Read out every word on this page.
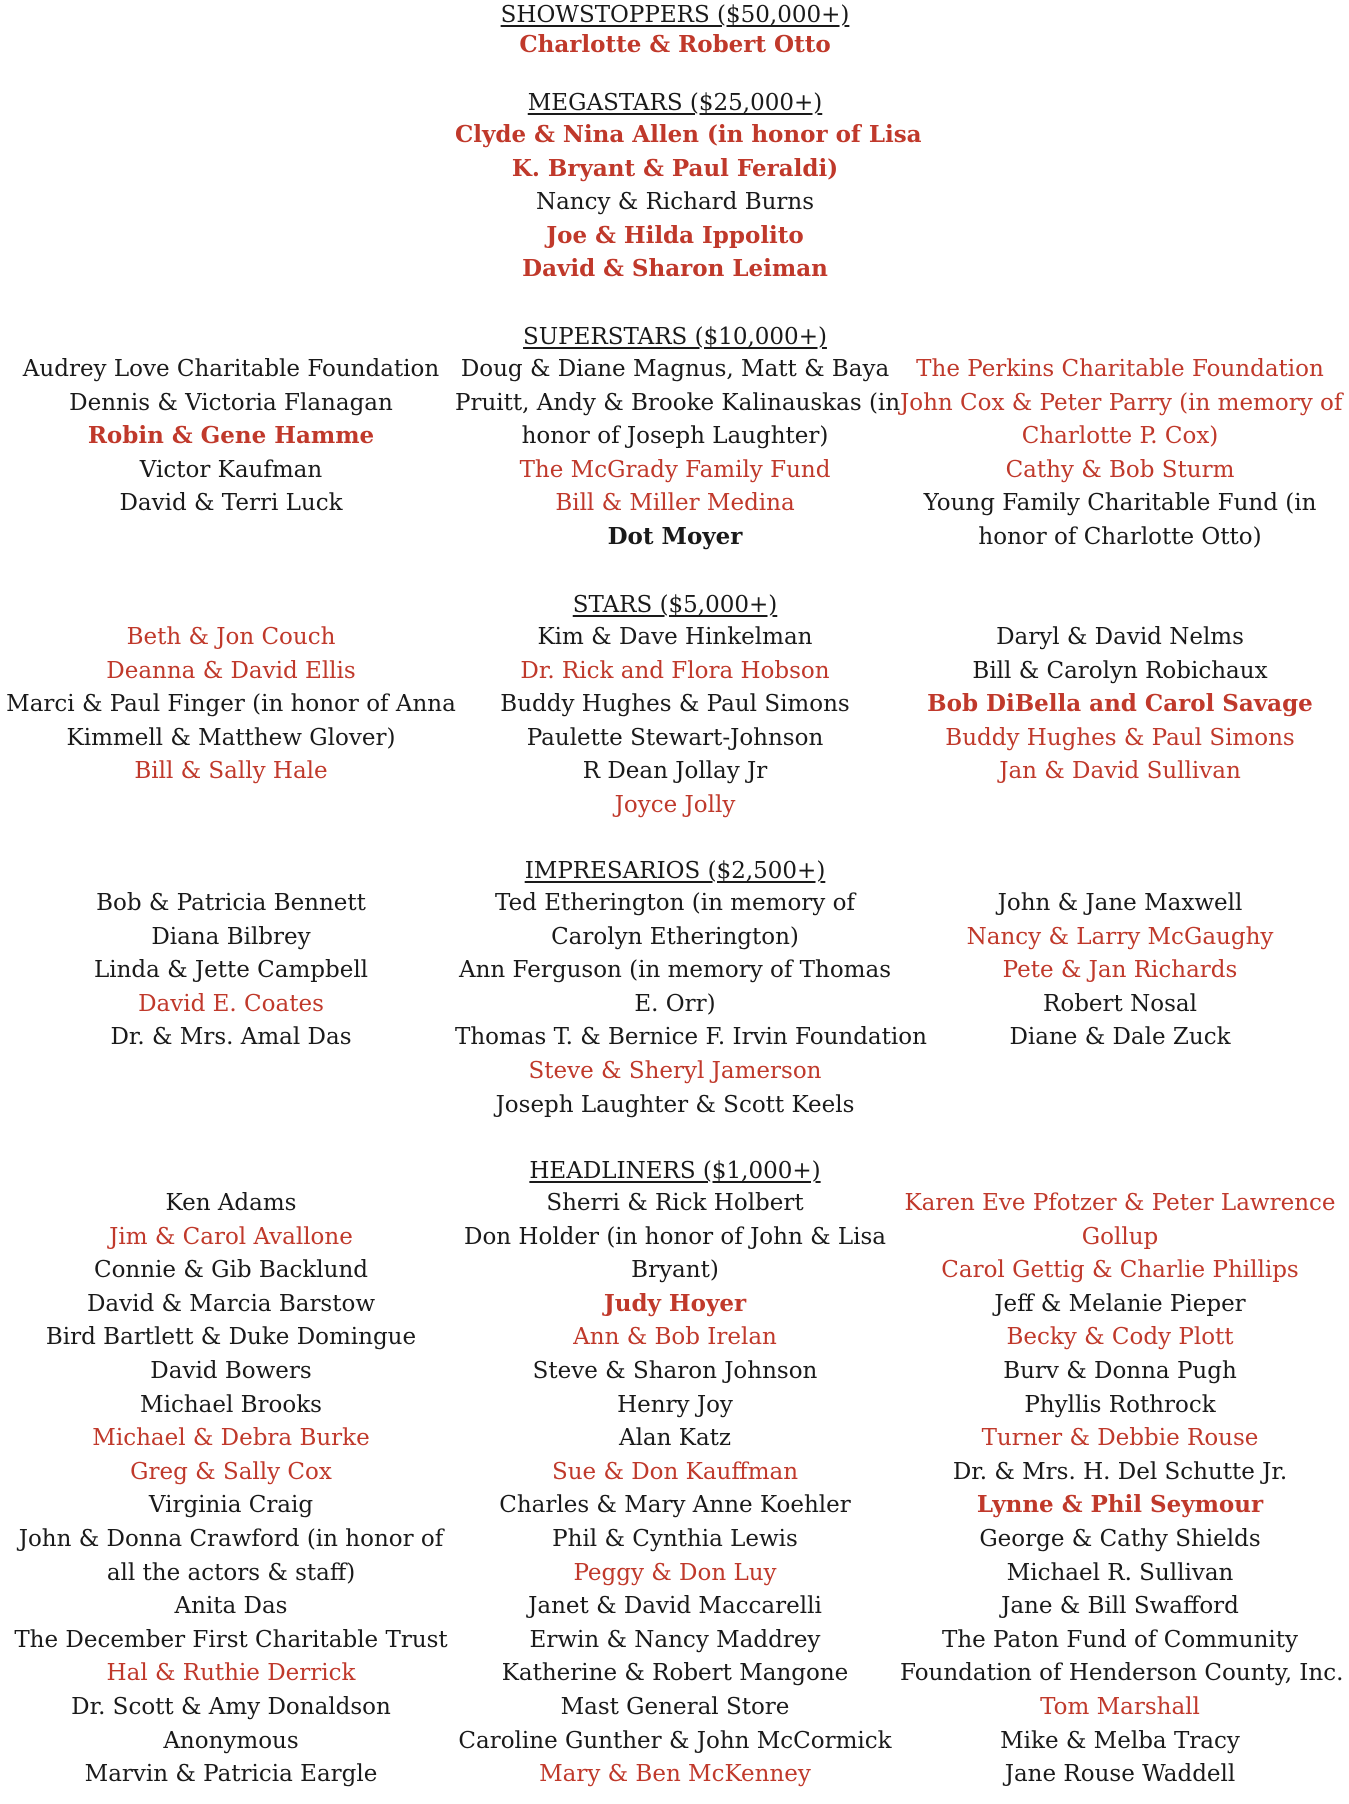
SHOWSTOPPERS ($50,000+)
Charlotte & Robert Otto
MEGASTARS ($25,000+)
Clyde & Nina Allen (in honor of Lisa
K. Bryant & Paul Feraldi)
Nancy & Richard Burns
Joe & Hilda Ippolito
David & Sharon Leiman
SUPERSTARS ($10,000+)
Audrey Love Charitable Foundation
Dennis & Victoria Flanagan
Robin & Gene Hamme
Victor Kaufman
David & Terri Luck
Doug & Diane Magnus, Matt & Baya
Pruitt, Andy & Brooke Kalinauskas (in
honor of Joseph Laughter)
The McGrady Family Fund
Bill & Miller Medina
Dot Moyer
The Perkins Charitable Foundation
John Cox & Peter Parry (in memory of
Charlotte P. Cox)
Cathy & Bob Sturm
Young Family Charitable Fund (in
honor of Charlotte Otto)
STARS ($5,000+)
Beth & Jon Couch
Deanna & David Ellis
Marci & Paul Finger (in honor of Anna
Kimmell & Matthew Glover)
Bill & Sally Hale
Kim & Dave Hinkelman
Dr. Rick and Flora Hobson
Buddy Hughes & Paul Simons
Paulette Stewart-Johnson
R Dean Jollay Jr
Joyce Jolly
Daryl & David Nelms
Bill & Carolyn Robichaux
Bob DiBella and Carol Savage
Buddy Hughes & Paul Simons
Jan & David Sullivan
IMPRESARIOS ($2,500+)
Bob & Patricia Bennett
Diana Bilbrey
Linda & Jette Campbell
David E. Coates
Dr. & Mrs. Amal Das
Ted Etherington (in memory of
Carolyn Etherington)
Ann Ferguson (in memory of Thomas
E. Orr)
Thomas T. & Bernice F. Irvin Foundation
Steve & Sheryl Jamerson
Joseph Laughter & Scott Keels
John & Jane Maxwell
Nancy & Larry McGaughy
Pete & Jan Richards
Robert Nosal
Diane & Dale Zuck
HEADLINERS ($1,000+)
Ken Adams
Jim & Carol Avallone
Connie & Gib Backlund
David & Marcia Barstow
Bird Bartlett & Duke Domingue
David Bowers
Michael Brooks
Michael & Debra Burke
Greg & Sally Cox
Virginia Craig
John & Donna Crawford (in honor of
all the actors & staff)
Anita Das
The December First Charitable Trust
Hal & Ruthie Derrick
Dr. Scott & Amy Donaldson
Anonymous
Marvin & Patricia Eargle
Sherri & Rick Holbert
Don Holder (in honor of John & Lisa
Bryant)
Judy Hoyer
Ann & Bob Irelan
Steve & Sharon Johnson
Henry Joy
Alan Katz
Sue & Don Kauffman
Charles & Mary Anne Koehler
Phil & Cynthia Lewis
Peggy & Don Luy
Janet & David Maccarelli
Erwin & Nancy Maddrey
Katherine & Robert Mangone
Mast General Store
Caroline Gunther & John McCormick
Mary & Ben McKenney
Karen Eve Pfotzer & Peter Lawrence
Gollup
Carol Gettig & Charlie Phillips
Jeff & Melanie Pieper
Becky & Cody Plott
Burv & Donna Pugh
Phyllis Rothrock
Turner & Debbie Rouse
Dr. & Mrs. H. Del Schutte Jr.
Lynne & Phil Seymour
George & Cathy Shields
Michael R. Sullivan
Jane & Bill Swafford
The Paton Fund of Community
Foundation of Henderson County, Inc.
Tom Marshall
Mike & Melba Tracy
Jane Rouse Waddell
